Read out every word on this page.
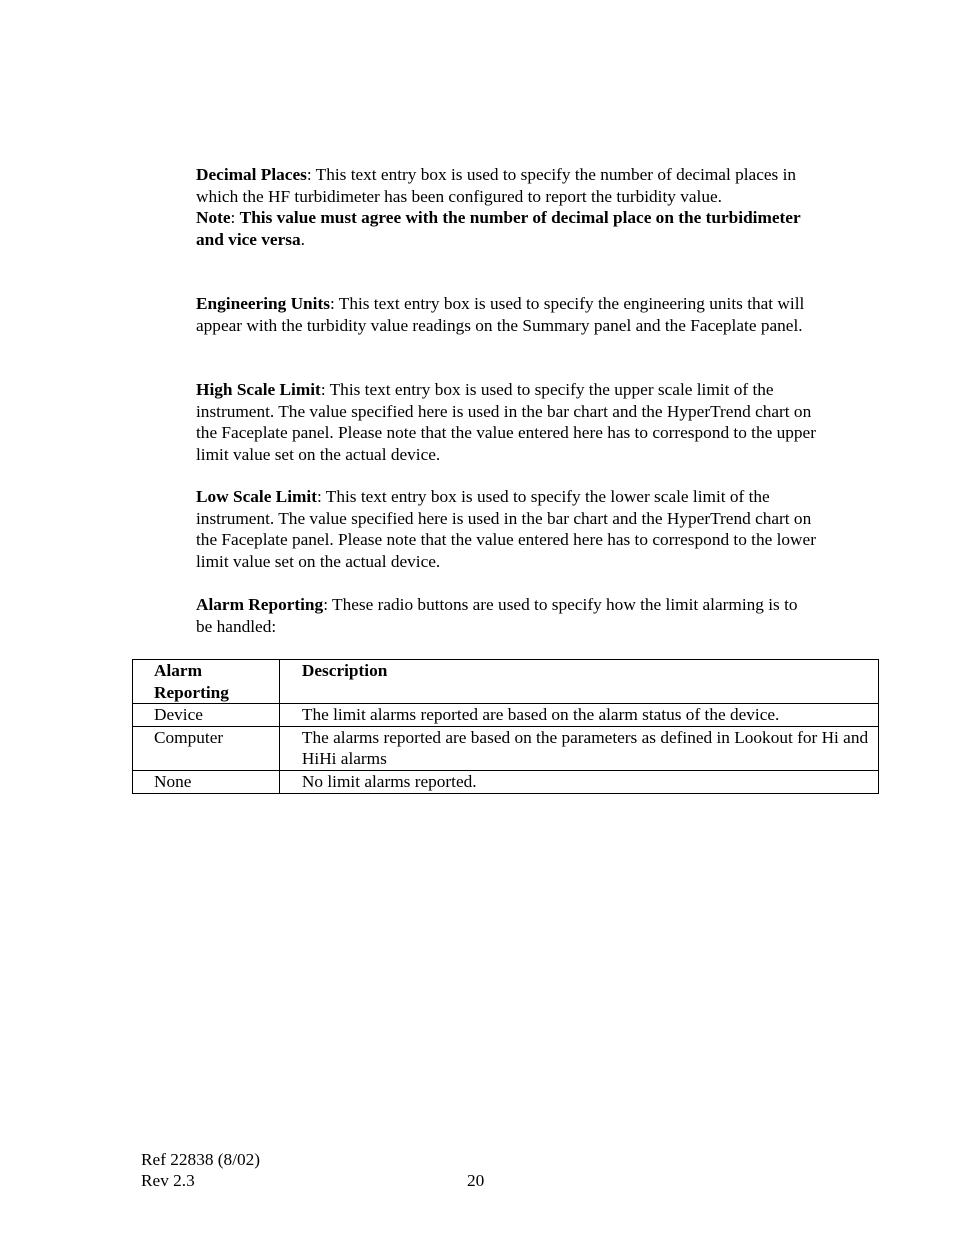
Decimal Places: This text entry box is used to specify the number of decimal places in which the HF turbidimeter has been configured to report the turbidity value.

Note: This value must agree with the number of decimal place on the turbidimeter and vice versa.

Engineering Units: This text entry box is used to specify the engineering units that will appear with the turbidity value readings on the Summary panel and the Faceplate panel.

High Scale Limit: This text entry box is used to specify the upper scale limit of the instrument. The value specified here is used in the bar chart and the HyperTrend chart on the Faceplate panel. Please note that the value entered here has to correspond to the upper limit value set on the actual device.

Low Scale Limit: This text entry box is used to specify the lower scale limit of the instrument. The value specified here is used in the bar chart and the HyperTrend chart on the Faceplate panel. Please note that the value entered here has to correspond to the lower limit value set on the actual device.

Alarm Reporting: These radio buttons are used to specify how the limit alarming is to be handled:

Alarm Reporting	Description
Device	The limit alarms reported are based on the alarm status of the device.
Computer	The alarms reported are based on the parameters as defined in Lookout for Hi and HiHi alarms
None	No limit alarms reported.
Ref 22838 (8/02)
Rev 2.3	20
